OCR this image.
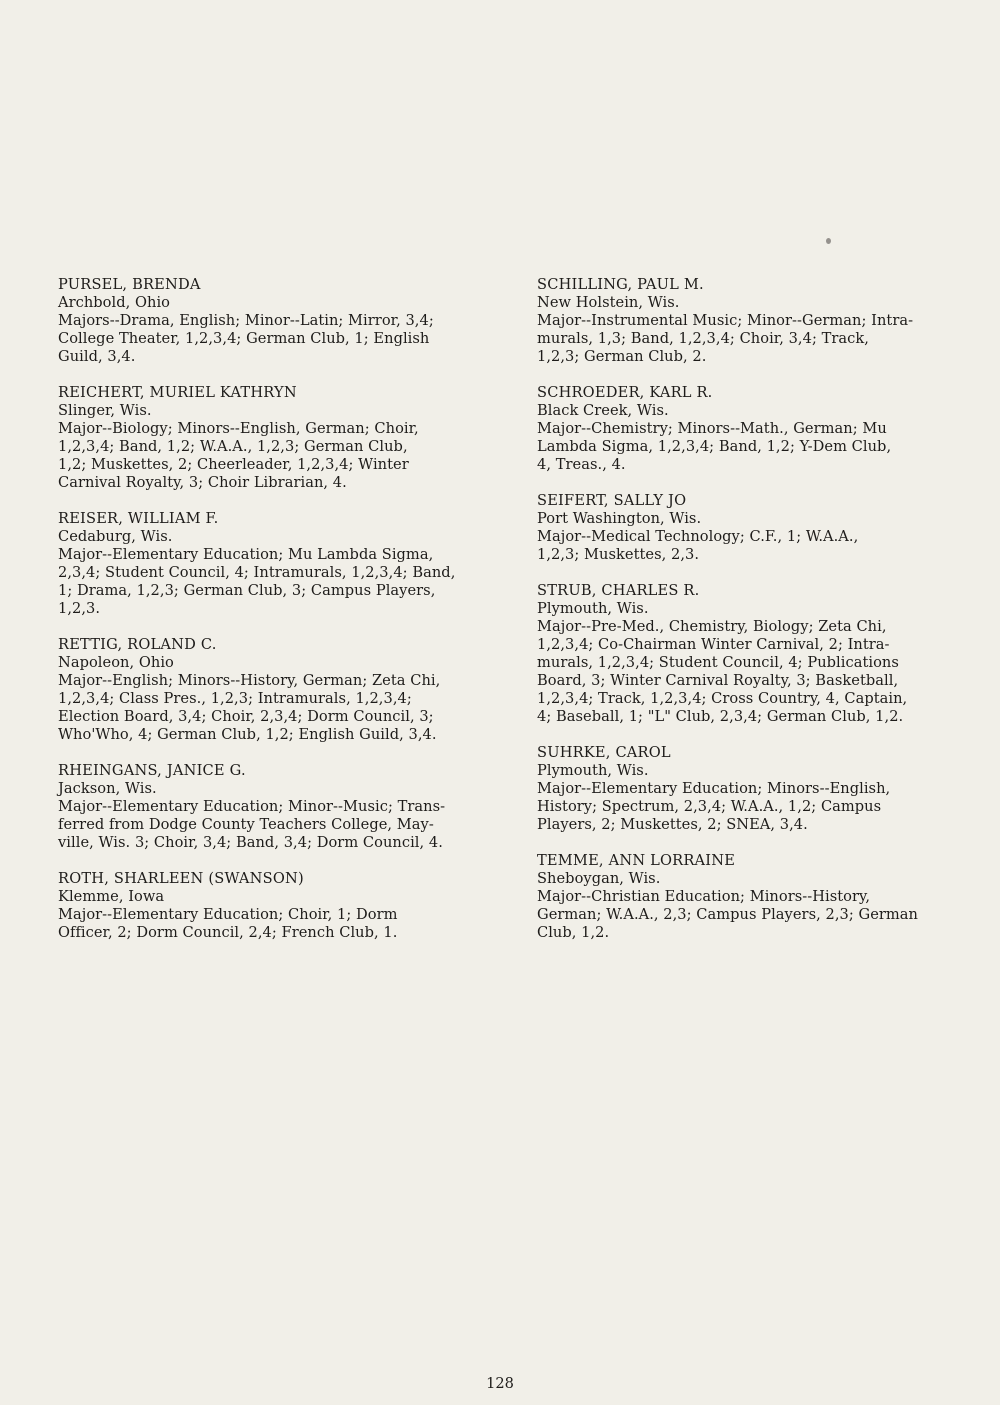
PURSEL, BRENDA
Archbold, Ohio
Majors--Drama, English; Minor--Latin; Mirror, 3,4;
College Theater, 1,2,3,4; German Club, 1; English
Guild, 3,4.
REICHERT, MURIEL KATHRYN
Slinger, Wis.
Major--Biology; Minors--English, German; Choir,
1,2,3,4; Band, 1,2; W.A.A., 1,2,3; German Club,
1,2; Muskettes, 2; Cheerleader, 1,2,3,4; Winter
Carnival Royalty, 3; Choir Librarian, 4.
REISER, WILLIAM F.
Cedaburg, Wis.
Major--Elementary Education; Mu Lambda Sigma,
2,3,4; Student Council, 4; Intramurals, 1,2,3,4; Band,
1; Drama, 1,2,3; German Club, 3; Campus Players,
1,2,3.
RETTIG, ROLAND C.
Napoleon, Ohio
Major--English; Minors--History, German; Zeta Chi,
1,2,3,4; Class Pres., 1,2,3; Intramurals, 1,2,3,4;
Election Board, 3,4; Choir, 2,3,4; Dorm Council, 3;
Who'Who, 4; German Club, 1,2; English Guild, 3,4.
RHEINGANS, JANICE G.
Jackson, Wis.
Major--Elementary Education; Minor--Music; Trans-
ferred from Dodge County Teachers College, May-
ville, Wis. 3; Choir, 3,4; Band, 3,4; Dorm Council, 4.
ROTH, SHARLEEN (SWANSON)
Klemme, Iowa
Major--Elementary Education; Choir, 1; Dorm
Officer, 2; Dorm Council, 2,4; French Club, 1.
SCHILLING, PAUL M.
New Holstein, Wis.
Major--Instrumental Music; Minor--German; Intra-
murals, 1,3; Band, 1,2,3,4; Choir, 3,4; Track,
1,2,3; German Club, 2.
SCHROEDER, KARL R.
Black Creek, Wis.
Major--Chemistry; Minors--Math., German; Mu
Lambda Sigma, 1,2,3,4; Band, 1,2; Y-Dem Club,
4, Treas., 4.
SEIFERT, SALLY JO
Port Washington, Wis.
Major--Medical Technology; C.F., 1; W.A.A.,
1,2,3; Muskettes, 2,3.
STRUB, CHARLES R.
Plymouth, Wis.
Major--Pre-Med., Chemistry, Biology; Zeta Chi,
1,2,3,4; Co-Chairman Winter Carnival, 2; Intra-
murals, 1,2,3,4; Student Council, 4; Publications
Board, 3; Winter Carnival Royalty, 3; Basketball,
1,2,3,4; Track, 1,2,3,4; Cross Country, 4, Captain,
4; Baseball, 1; "L" Club, 2,3,4; German Club, 1,2.
SUHRKE, CAROL
Plymouth, Wis.
Major--Elementary Education; Minors--English,
History; Spectrum, 2,3,4; W.A.A., 1,2; Campus
Players, 2; Muskettes, 2; SNEA, 3,4.
TEMME, ANN LORRAINE
Sheboygan, Wis.
Major--Christian Education; Minors--History,
German; W.A.A., 2,3; Campus Players, 2,3; German
Club, 1,2.
128
